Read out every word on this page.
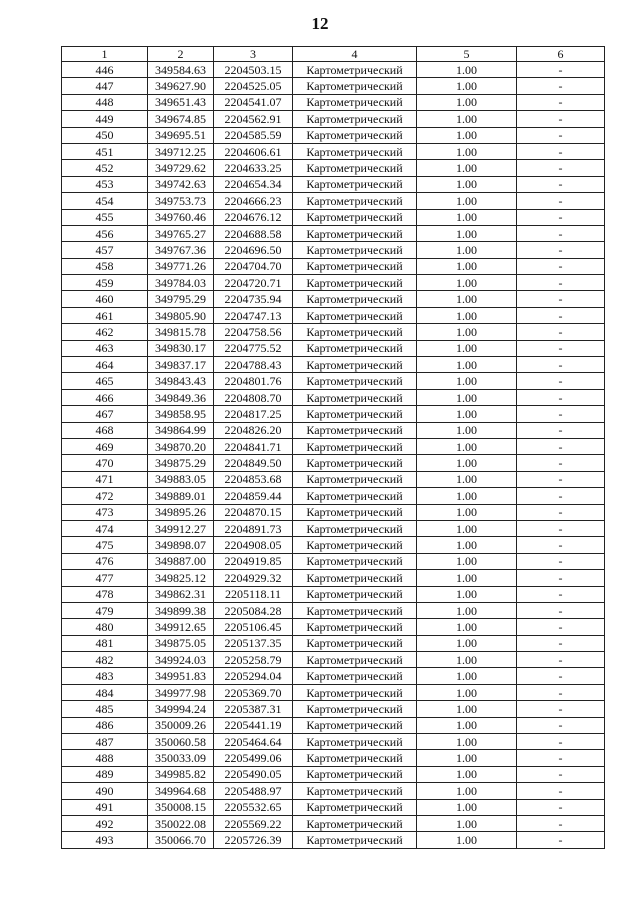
12
1	2	3	4	5	6
446	349584.63	2204503.15	Картометрический	1.00	-
447	349627.90	2204525.05	Картометрический	1.00	-
448	349651.43	2204541.07	Картометрический	1.00	-
449	349674.85	2204562.91	Картометрический	1.00	-
450	349695.51	2204585.59	Картометрический	1.00	-
451	349712.25	2204606.61	Картометрический	1.00	-
452	349729.62	2204633.25	Картометрический	1.00	-
453	349742.63	2204654.34	Картометрический	1.00	-
454	349753.73	2204666.23	Картометрический	1.00	-
455	349760.46	2204676.12	Картометрический	1.00	-
456	349765.27	2204688.58	Картометрический	1.00	-
457	349767.36	2204696.50	Картометрический	1.00	-
458	349771.26	2204704.70	Картометрический	1.00	-
459	349784.03	2204720.71	Картометрический	1.00	-
460	349795.29	2204735.94	Картометрический	1.00	-
461	349805.90	2204747.13	Картометрический	1.00	-
462	349815.78	2204758.56	Картометрический	1.00	-
463	349830.17	2204775.52	Картометрический	1.00	-
464	349837.17	2204788.43	Картометрический	1.00	-
465	349843.43	2204801.76	Картометрический	1.00	-
466	349849.36	2204808.70	Картометрический	1.00	-
467	349858.95	2204817.25	Картометрический	1.00	-
468	349864.99	2204826.20	Картометрический	1.00	-
469	349870.20	2204841.71	Картометрический	1.00	-
470	349875.29	2204849.50	Картометрический	1.00	-
471	349883.05	2204853.68	Картометрический	1.00	-
472	349889.01	2204859.44	Картометрический	1.00	-
473	349895.26	2204870.15	Картометрический	1.00	-
474	349912.27	2204891.73	Картометрический	1.00	-
475	349898.07	2204908.05	Картометрический	1.00	-
476	349887.00	2204919.85	Картометрический	1.00	-
477	349825.12	2204929.32	Картометрический	1.00	-
478	349862.31	2205118.11	Картометрический	1.00	-
479	349899.38	2205084.28	Картометрический	1.00	-
480	349912.65	2205106.45	Картометрический	1.00	-
481	349875.05	2205137.35	Картометрический	1.00	-
482	349924.03	2205258.79	Картометрический	1.00	-
483	349951.83	2205294.04	Картометрический	1.00	-
484	349977.98	2205369.70	Картометрический	1.00	-
485	349994.24	2205387.31	Картометрический	1.00	-
486	350009.26	2205441.19	Картометрический	1.00	-
487	350060.58	2205464.64	Картометрический	1.00	-
488	350033.09	2205499.06	Картометрический	1.00	-
489	349985.82	2205490.05	Картометрический	1.00	-
490	349964.68	2205488.97	Картометрический	1.00	-
491	350008.15	2205532.65	Картометрический	1.00	-
492	350022.08	2205569.22	Картометрический	1.00	-
493	350066.70	2205726.39	Картометрический	1.00	-
